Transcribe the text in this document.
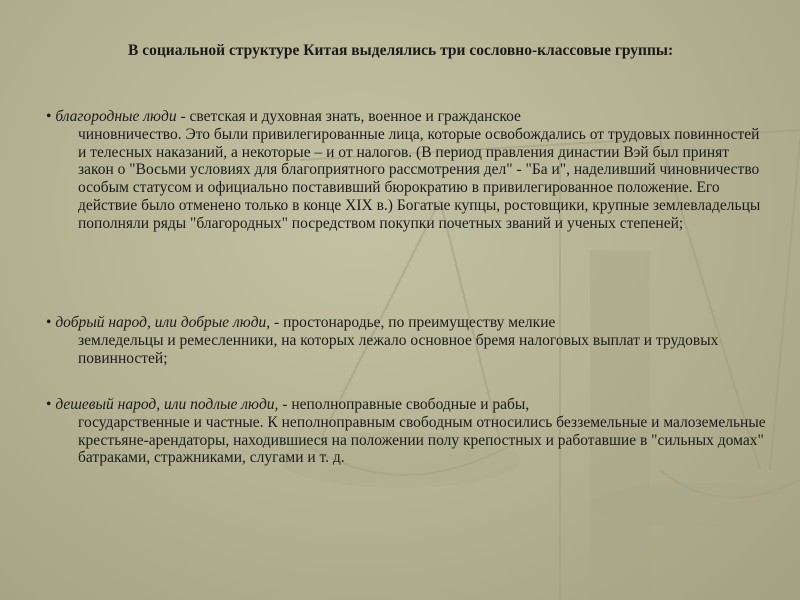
В социальной структуре Китая выделялись три сословно-классовые группы:
• благородные люди - светская и духовная знать, военное и гражданское
чиновничество. Это были привилегированные лица, которые освобождались от трудовых повинностей и телесных наказаний, а некоторые – и от налогов. (В период правления династии Вэй был принят закон о "Восьми условиях для благоприятного рассмотрения дел" - "Ба и", наделивший чиновничество особым статусом и официально поставивший бюрократию в привилегированное положение. Его действие было отменено только в конце XIX в.) Богатые купцы, ростовщики, крупные землевладельцы пополняли ряды "благородных" посредством покупки почетных званий и ученых степеней;
• добрый народ, или добрые люди, - простонародье, по преимуществу мелкие
земледельцы и ремесленники, на которых лежало основное бремя налоговых выплат и трудовых повинностей;
• дешевый народ, или подлые люди, - неполноправные свободные и рабы,
государственные и частные. К неполноправным свободным относились безземельные и малоземельные крестьяне-арендаторы, находившиеся на положении полу крепостных и работавшие в "сильных домах" батраками, стражниками, слугами и т. д.
